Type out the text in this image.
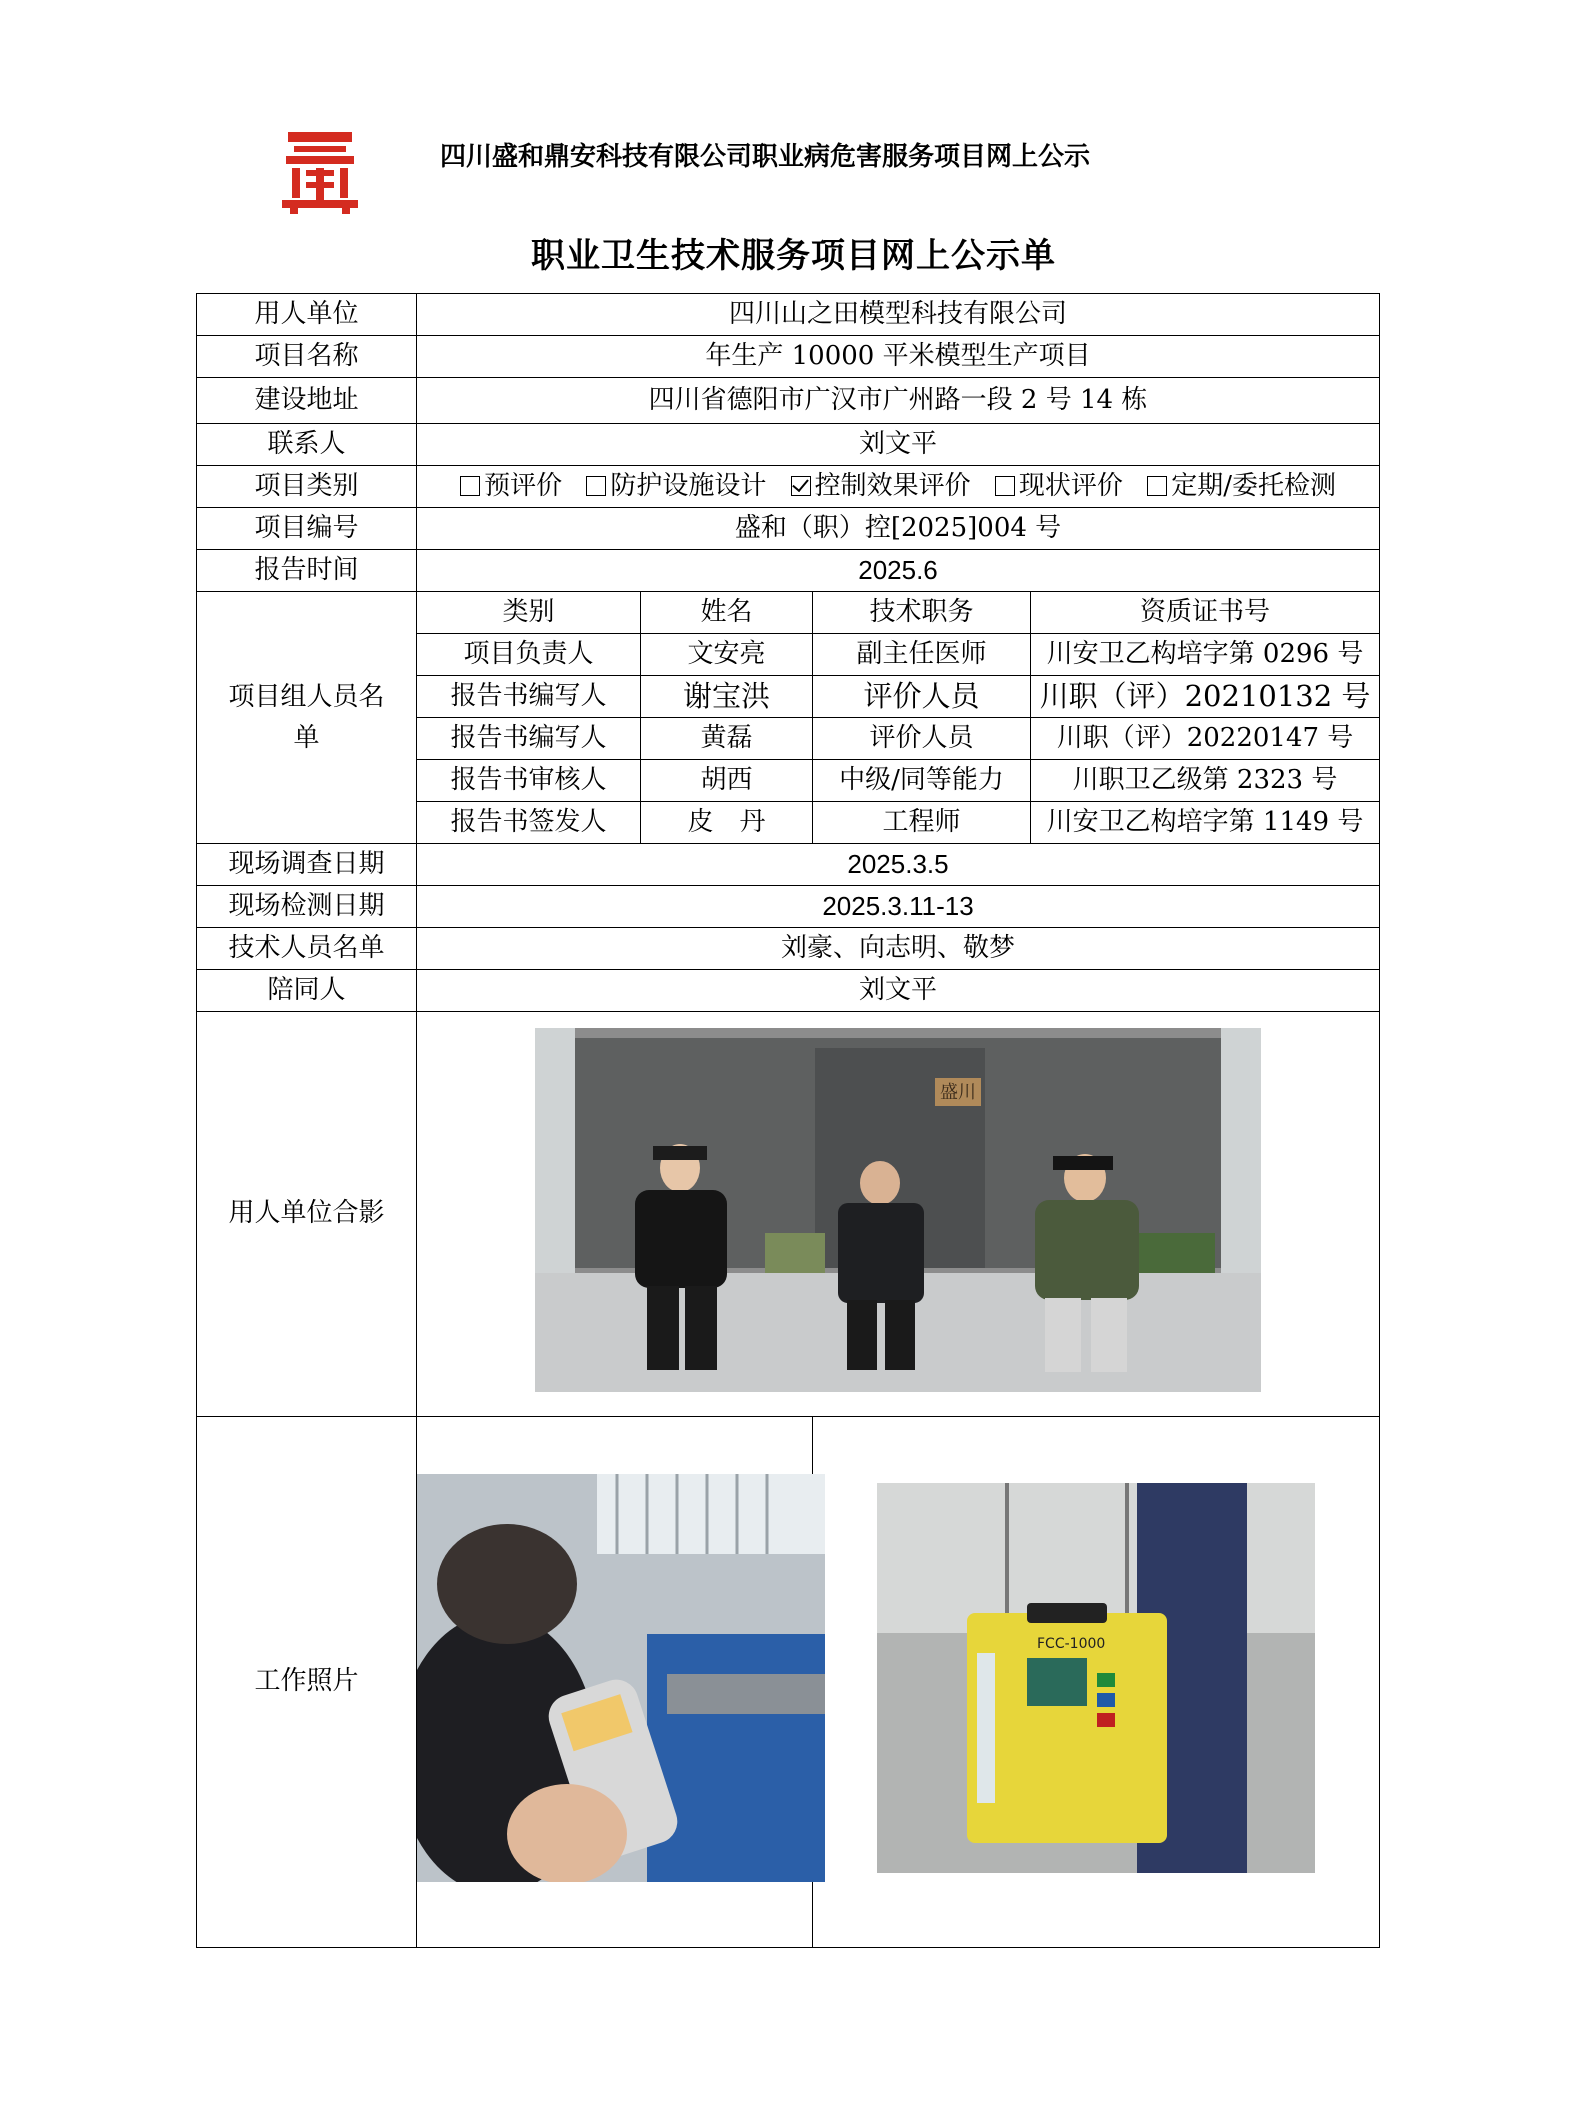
四川盛和鼎安科技有限公司职业病危害服务项目网上公示
职业卫生技术服务项目网上公示单
用人单位	四川山之田模型科技有限公司			
项目名称	年生产 10000 平米模型生产项目			
建设地址	四川省德阳市广汉市广州路一段 2 号 14 栋			
联系人	刘文平			
项目类别	预评价 防护设施设计 控制效果评价 现状评价 定期/委托检测			
项目编号	盛和（职）控[2025]004 号			
报告时间	2025.6			

项目组人员名单	类别	姓名	技术职务	资质证书号
	项目负责人	文安亮	副主任医师	川安卫乙构培字第 0296 号
	报告书编写人	谢宝洪	评价人员	川职（评）20210132 号
	报告书编写人	黄磊	评价人员	川职（评）20220147 号
	报告书审核人	胡西	中级/同等能力	川职卫乙级第 2323 号
	报告书签发人	皮　丹	工程师	川安卫乙构培字第 1149 号
现场调查日期	2025.3.5			
现场检测日期	2025.3.11-13			
技术人员名单	刘豪、向志明、敬梦			
陪同人	刘文平			
用人单位合影	盛川			

工作照片			FCC-1000	
